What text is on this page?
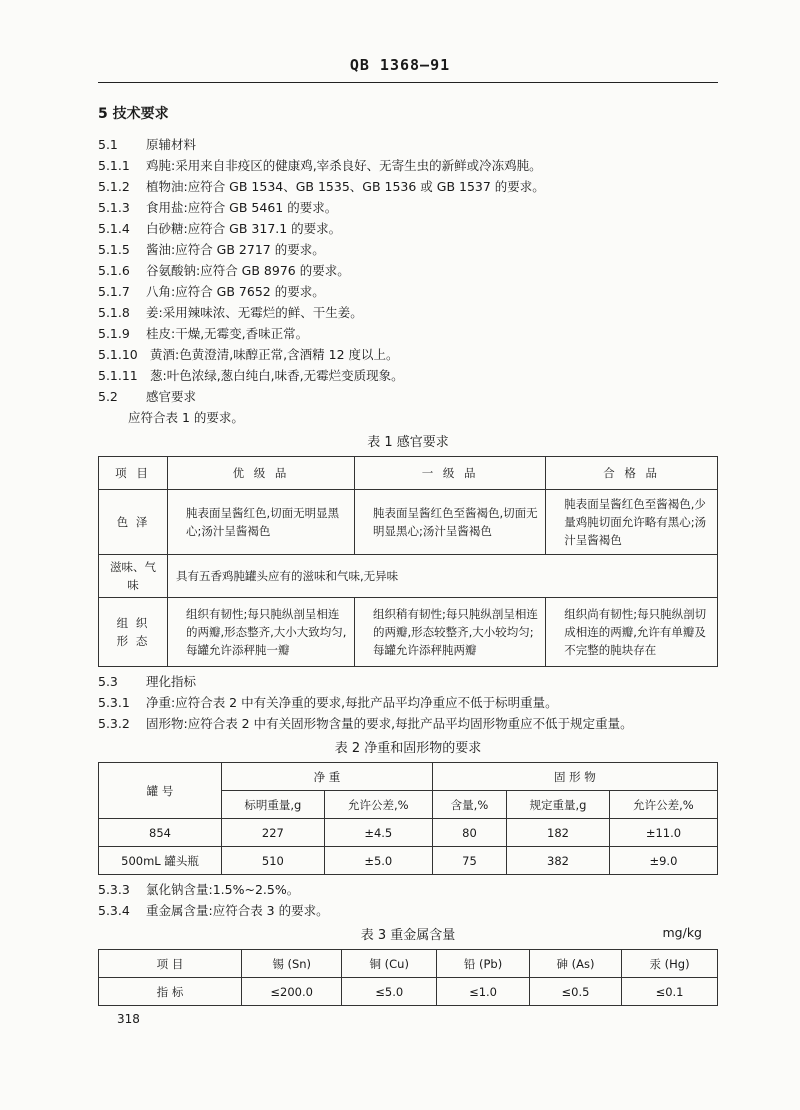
QB 1368—91
5 技术要求
5.1 原辅材料
5.1.1 鸡肫:采用来自非疫区的健康鸡,宰杀良好、无寄生虫的新鲜或冷冻鸡肫。
5.1.2 植物油:应符合 GB 1534、GB 1535、GB 1536 或 GB 1537 的要求。
5.1.3 食用盐:应符合 GB 5461 的要求。
5.1.4 白砂糖:应符合 GB 317.1 的要求。
5.1.5 酱油:应符合 GB 2717 的要求。
5.1.6 谷氨酸钠:应符合 GB 8976 的要求。
5.1.7 八角:应符合 GB 7652 的要求。
5.1.8 姜:采用辣味浓、无霉烂的鲜、干生姜。
5.1.9 桂皮:干燥,无霉变,香味正常。
5.1.10 黄酒:色黄澄清,味醇正常,含酒精 12 度以上。
5.1.11 葱:叶色浓绿,葱白纯白,味香,无霉烂变质现象。
5.2 感官要求
应符合表 1 的要求。
表 1 感官要求
项 目	优 级 品	一 级 品	合 格 品
色 泽	肫表面呈酱红色,切面无明显黑心;汤汁呈酱褐色	肫表面呈酱红色至酱褐色,切面无明显黑心;汤汁呈酱褐色	肫表面呈酱红色至酱褐色,少量鸡肫切面允许略有黑心;汤汁呈酱褐色
滋味、气味	具有五香鸡肫罐头应有的滋味和气味,无异味		

组 织
形 态	组织有韧性;每只肫纵剖呈相连的两瓣,形态整齐,大小大致均匀,每罐允许添秤肫一瓣	组织稍有韧性;每只肫纵剖呈相连的两瓣,形态较整齐,大小较均匀;每罐允许添秤肫两瓣	组织尚有韧性;每只肫纵剖切成相连的两瓣,允许有单瓣及不完整的肫块存在
5.3 理化指标
5.3.1 净重:应符合表 2 中有关净重的要求,每批产品平均净重应不低于标明重量。
5.3.2 固形物:应符合表 2 中有关固形物含量的要求,每批产品平均固形物重应不低于规定重量。
表 2 净重和固形物的要求
罐 号	净 重		固 形 物		
	标明重量,g	允许公差,%	含量,%	规定重量,g	允许公差,%
854	227	±4.5	80	182	±11.0
500mL 罐头瓶	510	±5.0	75	382	±9.0
5.3.3 氯化钠含量:1.5%~2.5%。
5.3.4 重金属含量:应符合表 3 的要求。
表 3 重金属含量	mg/kg
项 目	锡 (Sn)	铜 (Cu)	铅 (Pb)	砷 (As)	汞 (Hg)
指 标	≤200.0	≤5.0	≤1.0	≤0.5	≤0.1
318
